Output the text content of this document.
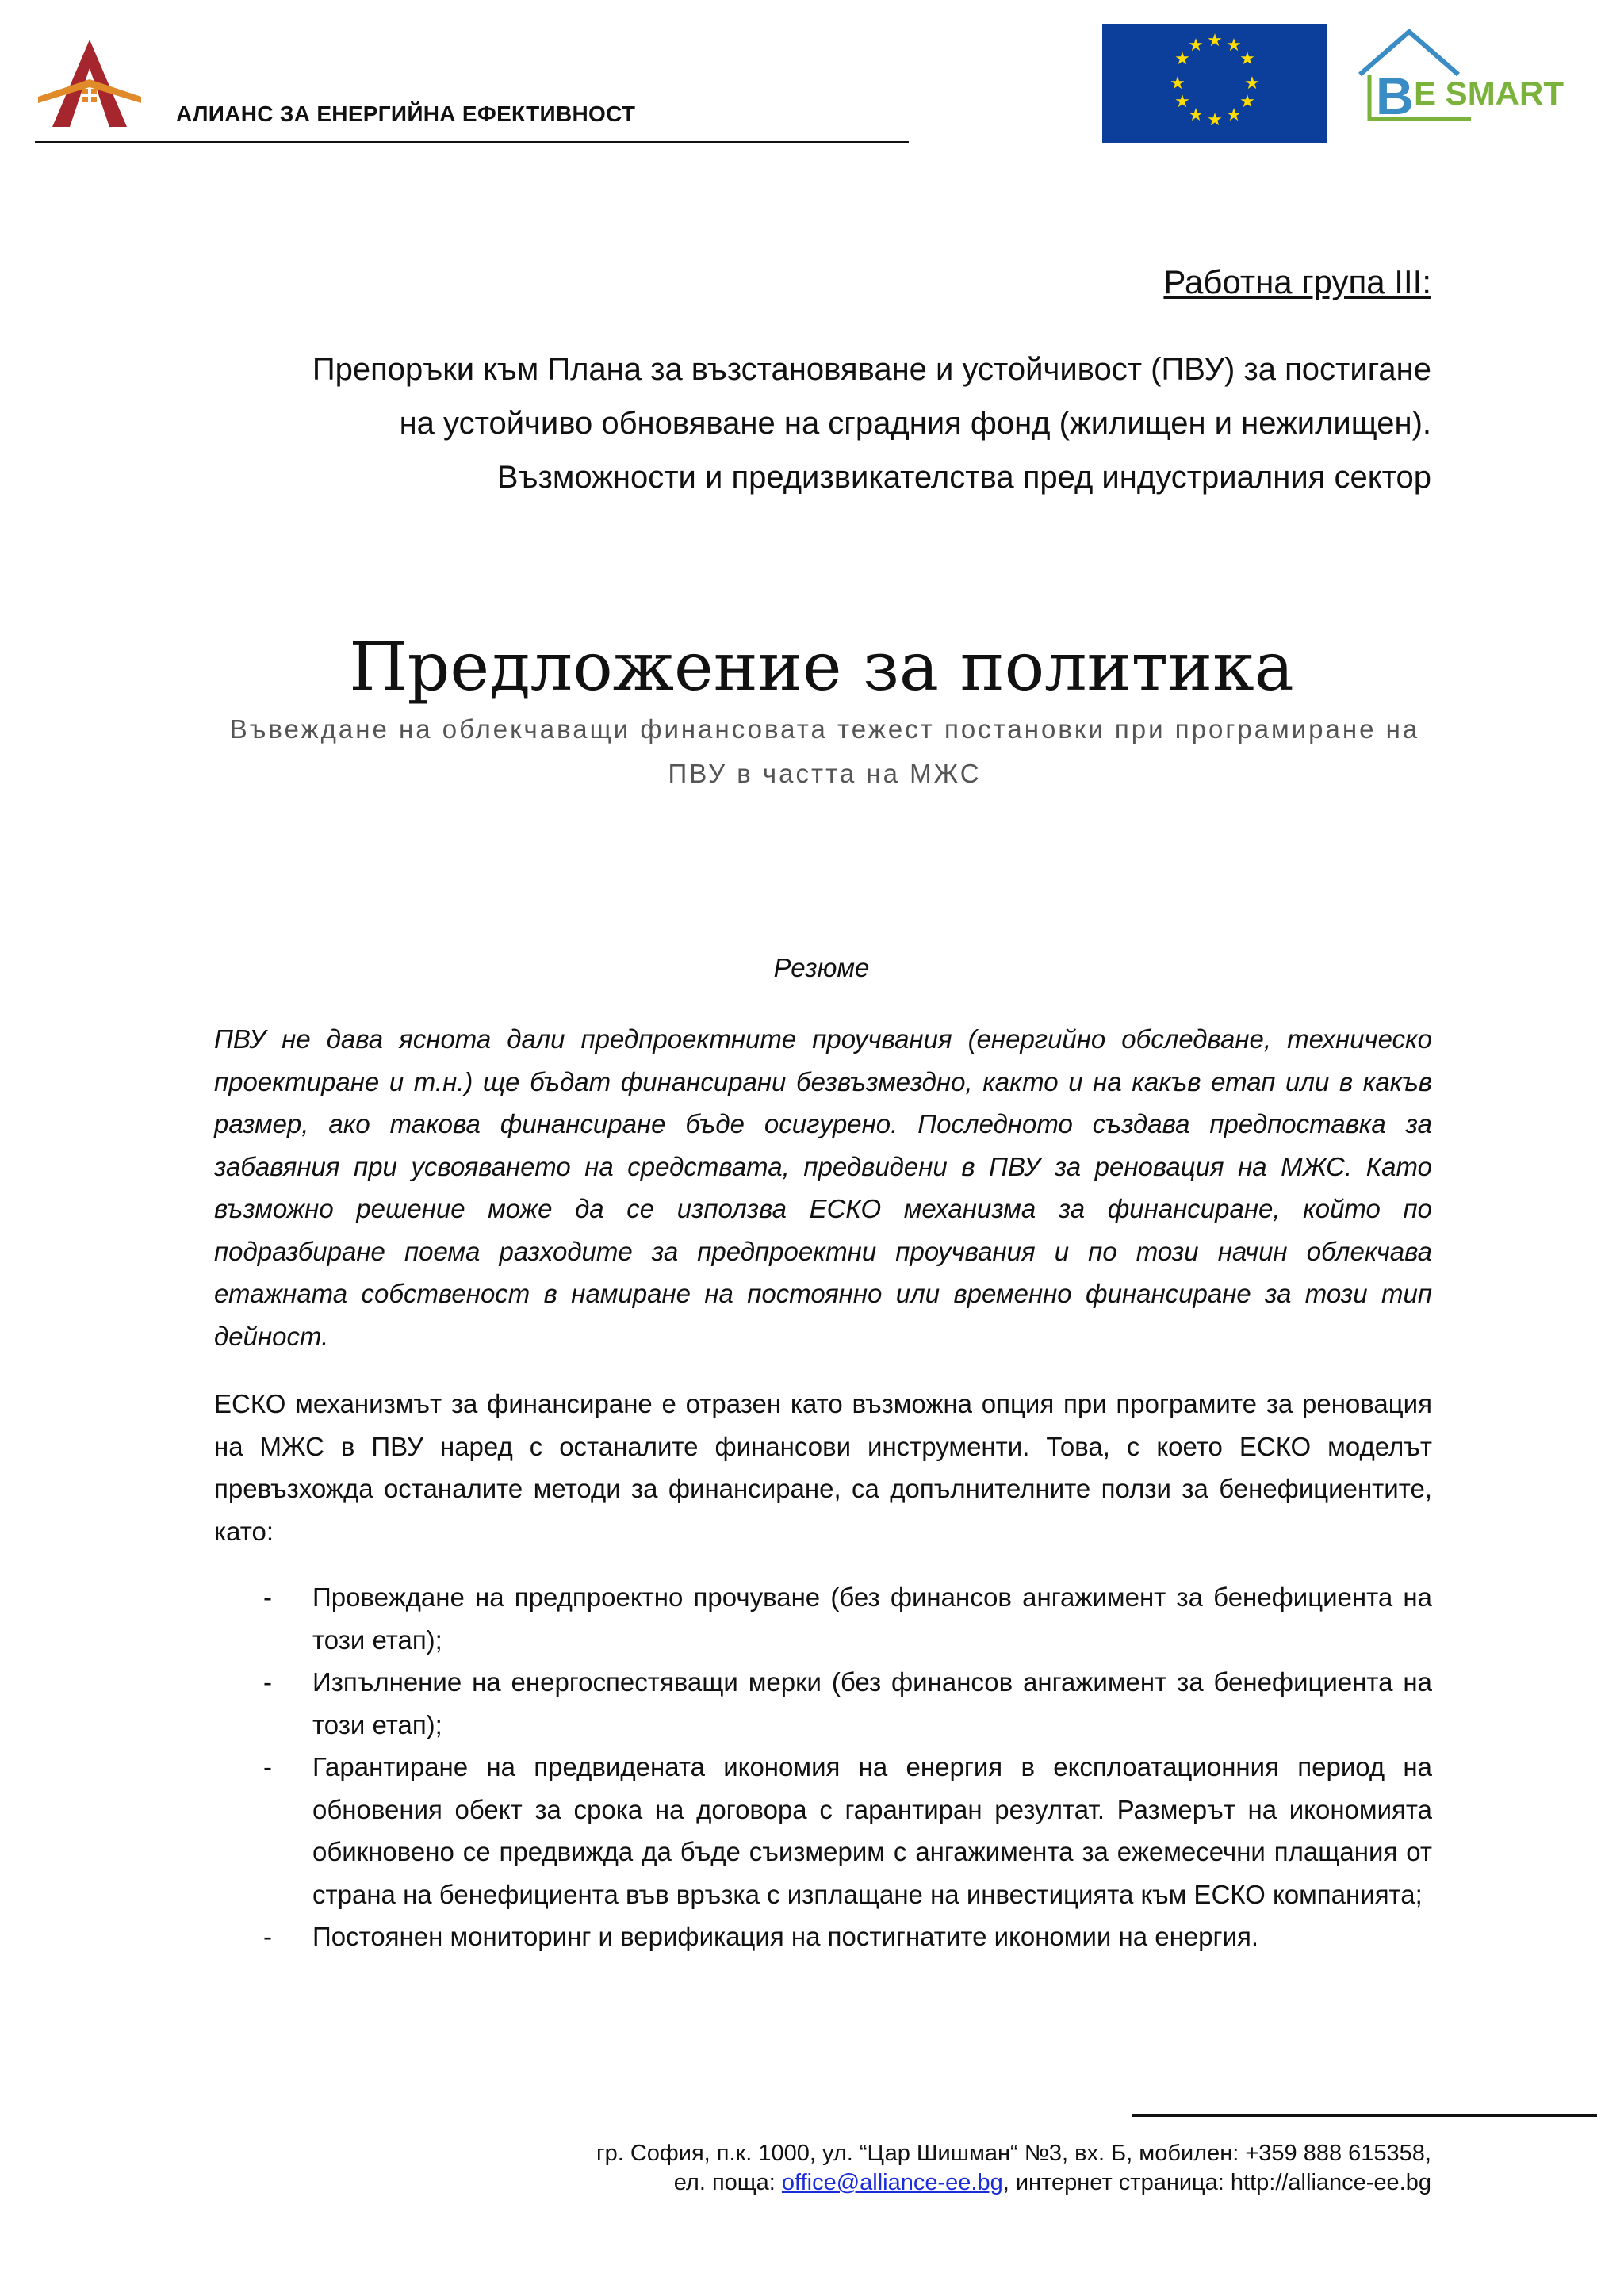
АЛИАНС ЗА ЕНЕРГИЙНА ЕФЕКТИВНОСТ
★ ★
★
★
★
★
★
★
★
★
★
★
B E SMART
Работна група III:
Препоръки към Плана за възстановяване и устойчивост (ПВУ) за постигане
на устойчиво обновяване на сградния фонд (жилищен и нежилищен).
Възможности и предизвикателства пред индустриалния сектор
Предложение за политика
Въвеждане на облекчаващи финансовата тежест постановки при програмиране на ПВУ в частта на МЖС
Резюме
ПВУ не дава яснота дали предпроектните проучвания (енергийно обследване, техническо проектиране и т.н.) ще бъдат финансирани безвъзмездно, както и на какъв етап или в какъв размер, ако такова финансиране бъде осигурено. Последното създава предпоставка за забавяния при усвояването на средствата, предвидени в ПВУ за реновация на МЖС. Като възможно решение може да се използва ЕСКО механизма за финансиране, който по подразбиране поема разходите за предпроектни проучвания и по този начин облекчава етажната собственост в намиране на постоянно или временно финансиране за този тип дейност.
ЕСКО механизмът за финансиране е отразен като възможна опция при програмите за реновация на МЖС в ПВУ наред с останалите финансови инструменти. Това, с което ЕСКО моделът превъзхожда останалите методи за финансиране, са допълнителните ползи за бенефициентите, като:
- Провеждане на предпроектно прочуване (без финансов ангажимент за бенефициента на този етап);
- Изпълнение на енергоспестяващи мерки (без финансов ангажимент за бенефициента на този етап);
- Гарантиране на предвидената икономия на енергия в експлоатационния период на обновения обект за срока на договора с гарантиран резултат. Размерът на икономията обикновено се предвижда да бъде съизмерим с ангажимента за ежемесечни плащания от страна на бенефициента във връзка с изплащане на инвестицията към ЕСКО компанията;
- Постоянен мониторинг и верификация на постигнатите икономии на енергия.
гр. София, п.к. 1000, ул. “Цар Шишман“ №3, вх. Б, мобилен: +359 888 615358,
ел. поща: office@alliance-ee.bg, интернет страница: http://alliance-ee.bg
